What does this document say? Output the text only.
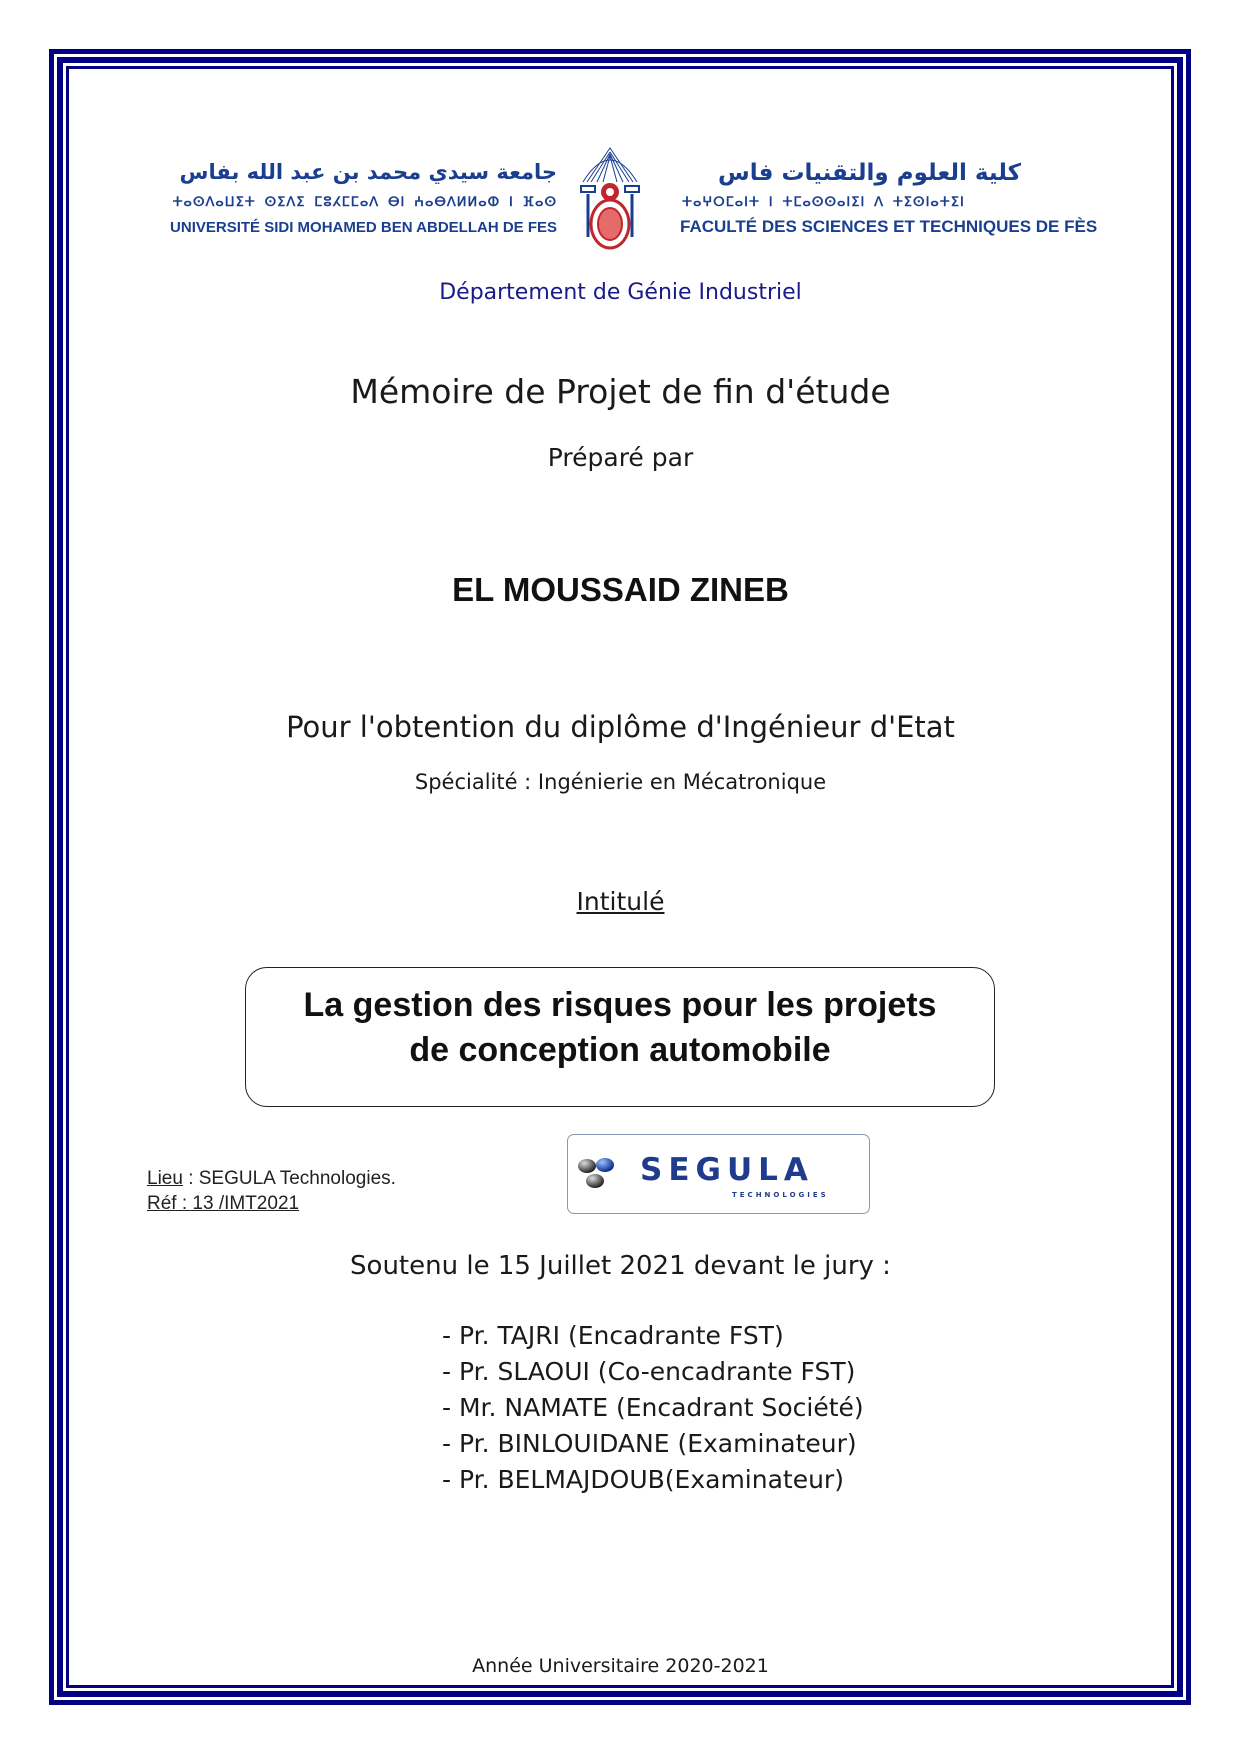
جامعة سيدي محمد بن عبد الله بفاس
ⵜⴰⵙⴷⴰⵡⵉⵜ ⵙⵉⴷⵉ ⵎⵓⵃⵎⵎⴰⴷ ⴱⵏ ⵄⴰⴱⴷⵍⵍⴰⵀ ⵏ ⴼⴰⵙ
UNIVERSITÉ SIDI MOHAMED BEN ABDELLAH DE FES
كلية العلوم والتقنيات فاس
ⵜⴰⵖⵔⵎⴰⵏⵜ ⵏ ⵜⵎⴰⵙⵙⴰⵏⵉⵏ ⴷ ⵜⵉⵙⵏⴰⵜⵉⵏ
FACULTÉ DES SCIENCES ET TECHNIQUES DE FÈS
Département de Génie Industriel
Mémoire de Projet de fin d'étude
Préparé par
EL MOUSSAID ZINEB
Pour l'obtention du diplôme d'Ingénieur d'Etat
Spécialité : Ingénierie en Mécatronique
Intitulé
La gestion des risques pour les projets
de conception automobile
Lieu : SEGULA Technologies.
Réf : 13 /IMT2021
SEGULA
TECHNOLOGIES
Soutenu le 15 Juillet 2021 devant le jury :
- Pr. TAJRI (Encadrante FST)
- Pr. SLAOUI (Co-encadrante FST)
- Mr. NAMATE (Encadrant Société)
- Pr. BINLOUIDANE (Examinateur)
- Pr. BELMAJDOUB(Examinateur)
Année Universitaire 2020-2021
